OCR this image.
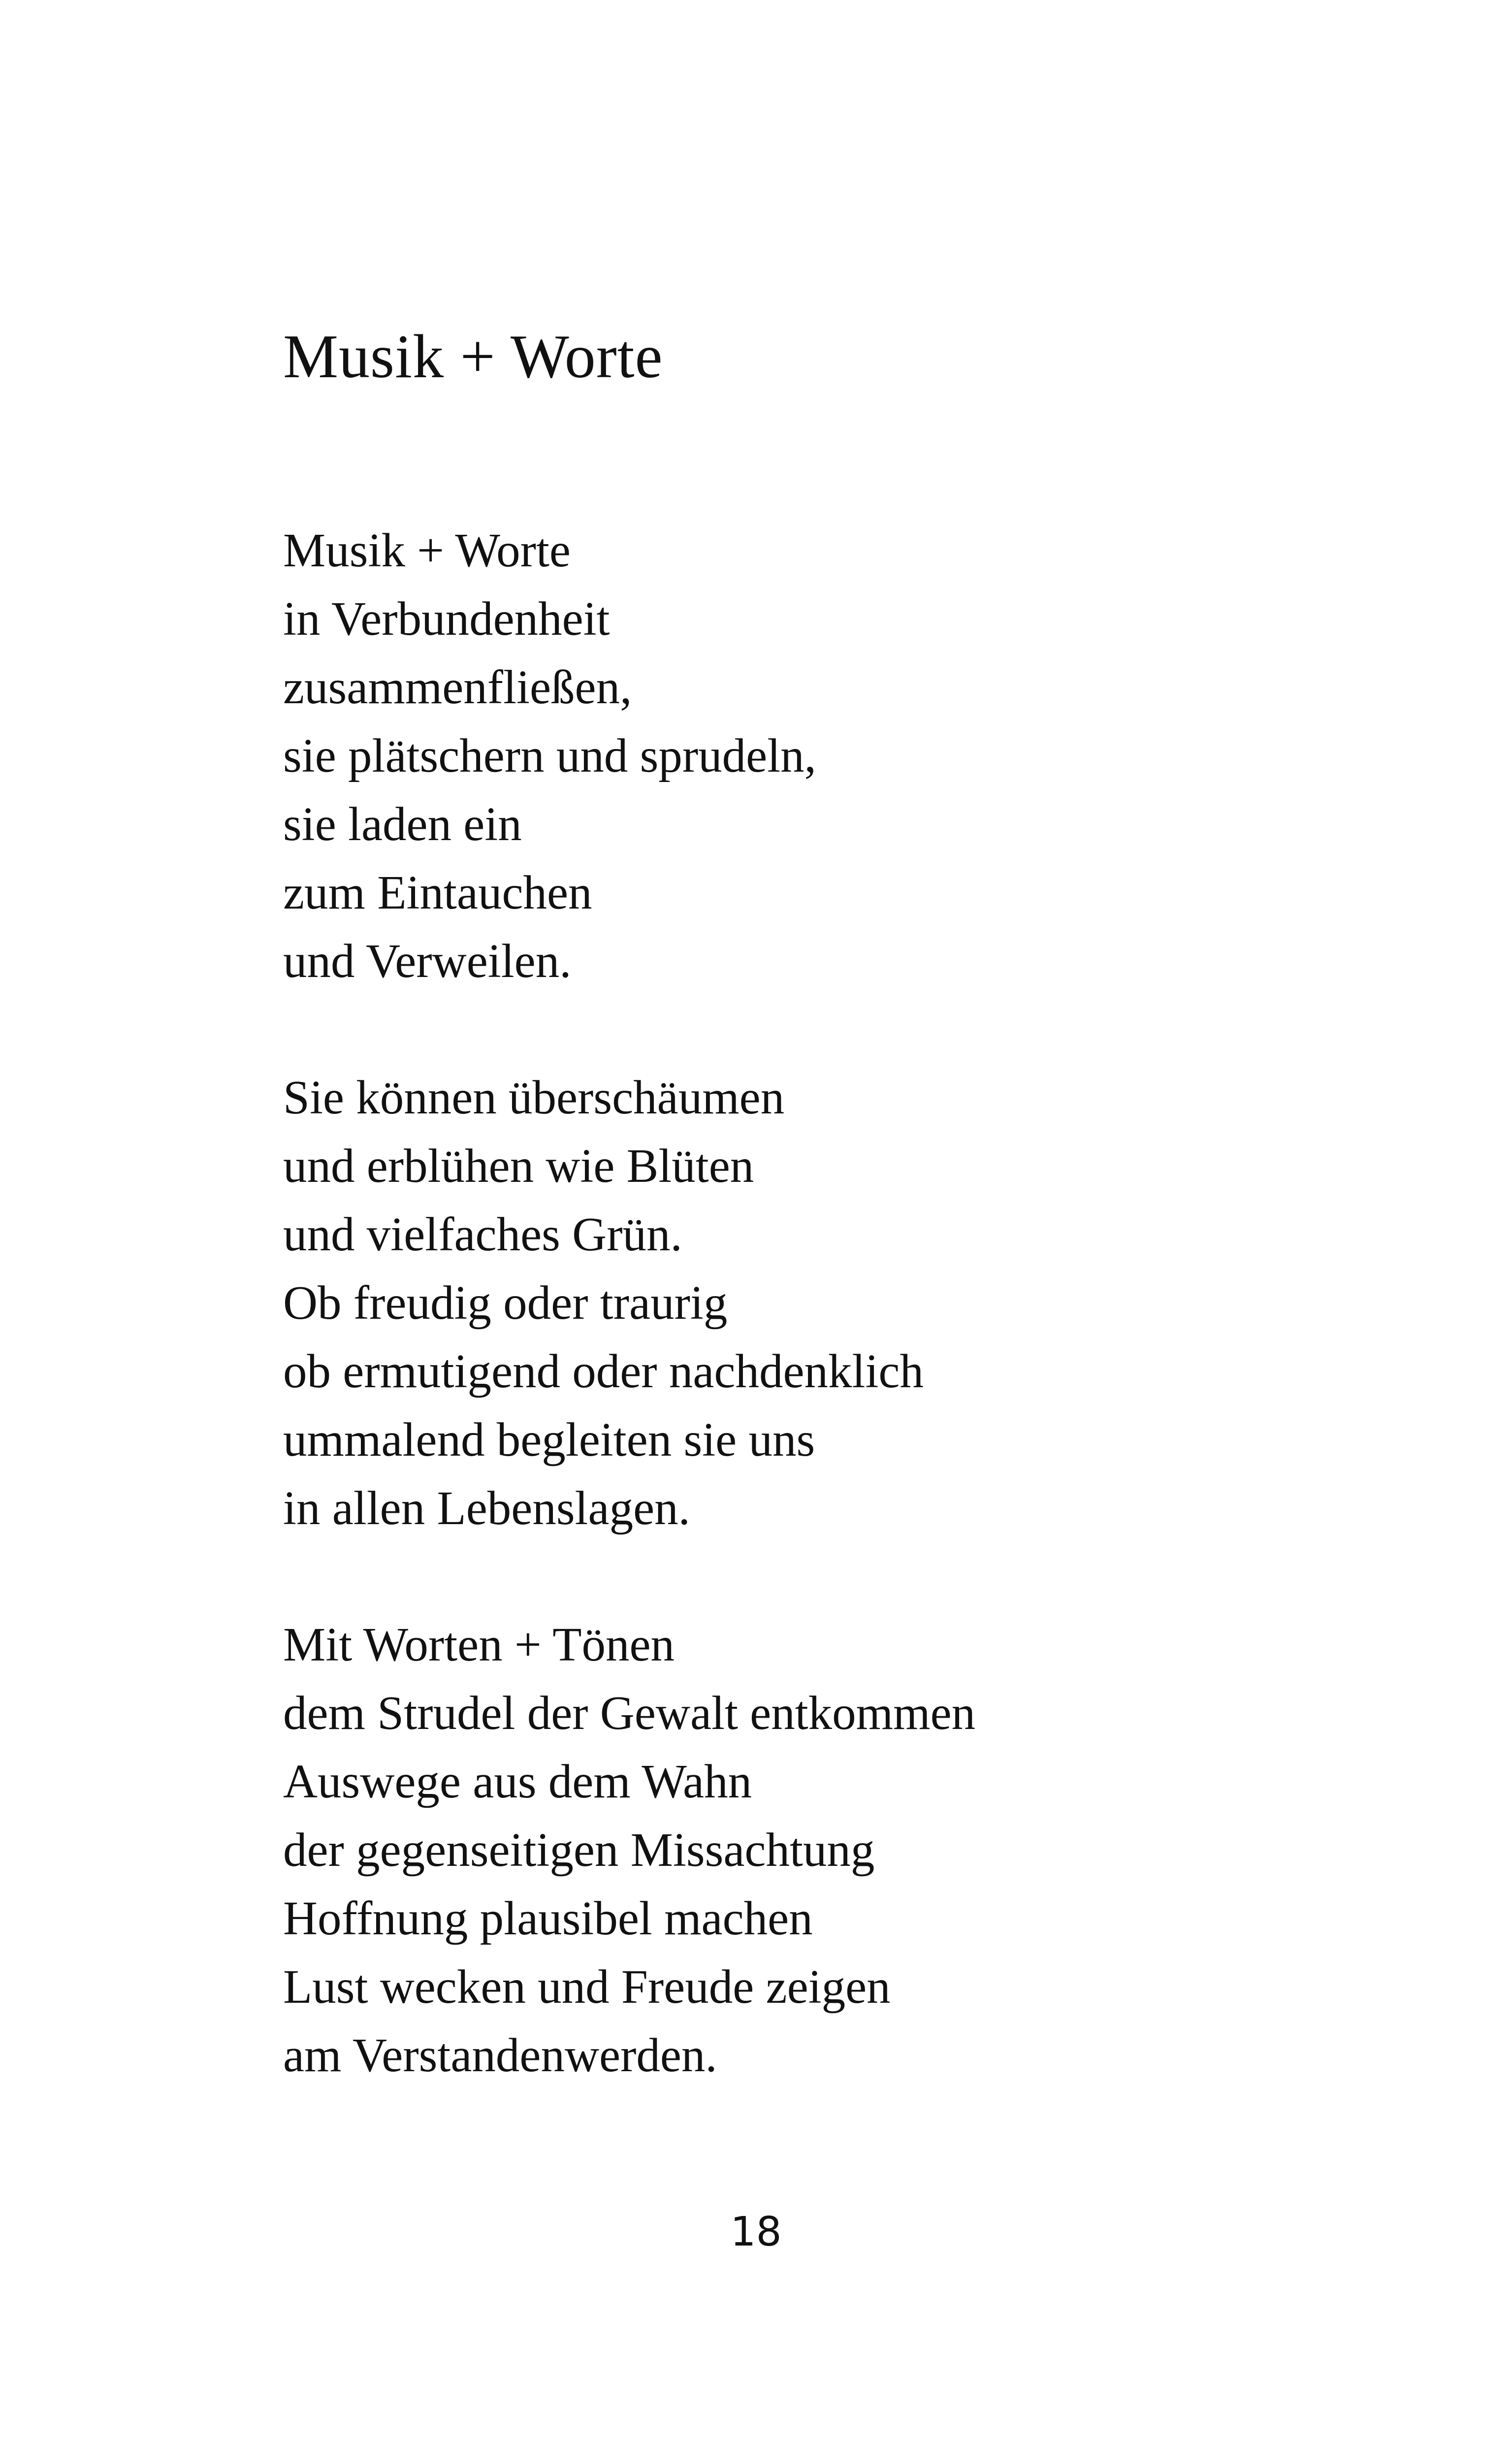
Musik + Worte
Musik + Worte
in Verbundenheit
zusammenfließen,
sie plätschern und sprudeln,
sie laden ein
zum Eintauchen
und Verweilen.
Sie können überschäumen
und erblühen wie Blüten
und vielfaches Grün.
Ob freudig oder traurig
ob ermutigend oder nachdenklich
ummalend begleiten sie uns
in allen Lebenslagen.
Mit Worten + Tönen
dem Strudel der Gewalt entkommen
Auswege aus dem Wahn
der gegenseitigen Missachtung
Hoffnung plausibel machen
Lust wecken und Freude zeigen
am Verstandenwerden.
18
